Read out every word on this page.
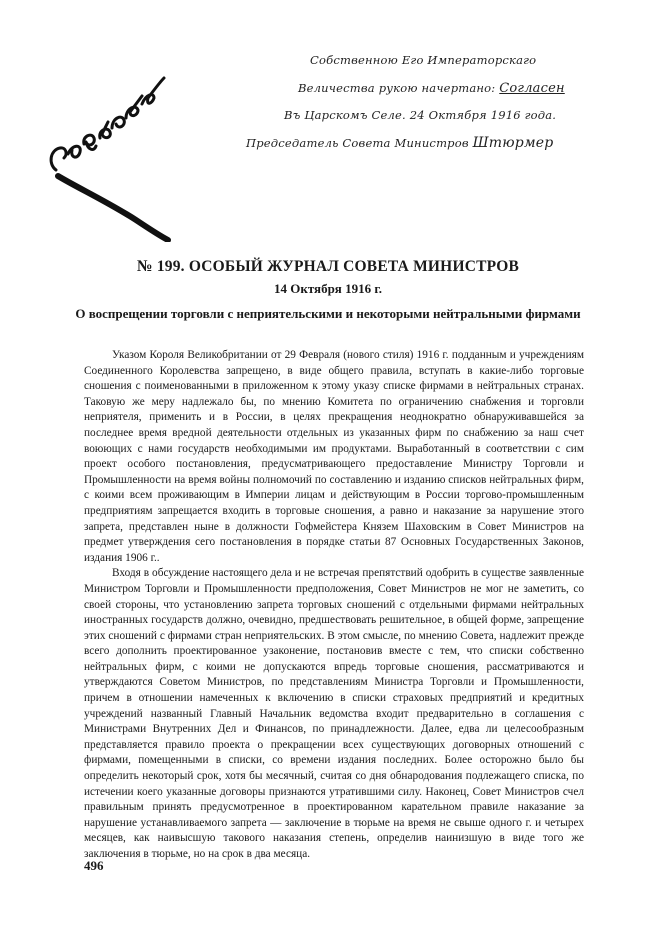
Собственною Его Императорскаго
Величества рукою начертано: Согласен
Въ Царскомъ Селе. 24 Октября 1916 года.
Председатель Совета Министров Штюрмер
№ 199. ОСОБЫЙ ЖУРНАЛ СОВЕТА МИНИСТРОВ
14 Октября 1916 г.
О воспрещении торговли с неприятельскими и некоторыми нейтральными фирмами

Указом Короля Великобритании от 29 Февраля (нового стиля) 1916 г. подданным и учреждениям Соединенного Королевства запрещено, в виде общего правила, вступать в какие-либо торговые сношения с поименованными в приложенном к этому указу списке фирмами в нейтральных странах. Таковую же меру надлежало бы, по мнению Комитета по ограничению снабжения и торговли неприятеля, применить и в России, в целях прекращения неоднократно обнаруживавшейся за последнее время вредной деятельности отдельных из указанных фирм по снабжению за наш счет воюющих с нами государств необходимыми им продуктами. Выработанный в соответствии с сим проект особого постановления, предусматривающего предоставление Министру Торговли и Промышленности на время войны полномочий по составлению и изданию списков нейтральных фирм, с коими всем проживающим в Империи лицам и действующим в России торгово-промышленным предприятиям запрещается входить в торговые сношения, а равно и наказание за нарушение этого запрета, представлен ныне в должности Гофмейстера Князем Шаховским в Совет Министров на предмет утверждения сего постановления в порядке статьи 87 Основных Государственных Законов, издания 1906 г..

Входя в обсуждение настоящего дела и не встречая препятствий одобрить в существе заявленные Министром Торговли и Промышленности предположения, Совет Министров не мог не заметить, со своей стороны, что установлению запрета торговых сношений с отдельными фирмами нейтральных иностранных государств должно, очевидно, предшествовать решительное, в общей форме, запрещение этих сношений с фирмами стран неприятельских. В этом смысле, по мнению Совета, надлежит прежде всего дополнить проектированное узаконение, постановив вместе с тем, что списки собственно нейтральных фирм, с коими не допускаются впредь торговые сношения, рассматриваются и утверждаются Советом Министров, по представлениям Министра Торговли и Промышленности, причем в отношении намеченных к включению в списки страховых предприятий и кредитных учреждений названный Главный Начальник ведомства входит предварительно в соглашения с Министрами Внутренних Дел и Финансов, по принадлежности. Далее, едва ли целесообразным представляется правило проекта о прекращении всех существующих договорных отношений с фирмами, помещенными в списки, со времени издания последних. Более осторожно было бы определить некоторый срок, хотя бы месячный, считая со дня обнародования подлежащего списка, по истечении коего указанные договоры признаются утратившими силу. Наконец, Совет Министров счел правильным принять предусмотренное в проектированном карательном правиле наказание за нарушение устанавливаемого запрета — заключение в тюрьме на время не свыше одного г. и четырех месяцев, как наивысшую такового наказания степень, определив наинизшую в виде того же заключения в тюрьме, но на срок в два месяца.

496
